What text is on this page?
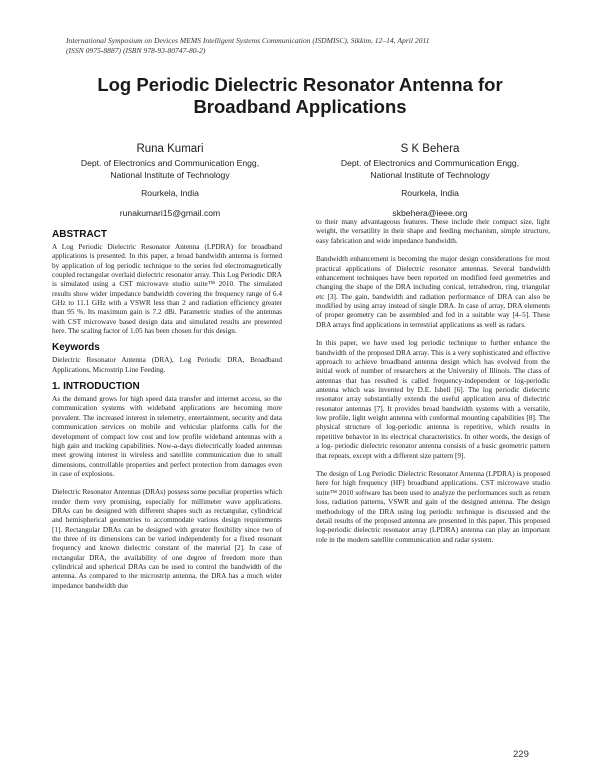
International Symposium on Devices MEMS Intelligent Systems Communication (ISDMISC), Sikkim, 12–14, April 2011
(ISSN 0975-8887) (ISBN 978-93-80747-80-2)
Log Periodic Dielectric Resonator Antenna for
Broadband Applications
Runa Kumari
Dept. of Electronics and Communication Engg,
National Institute of Technology
Rourkela, India
runakumari15@gmail.com
S K Behera
Dept. of Electronics and Communication Engg,
National Institute of Technology
Rourkela, India
skbehera@ieee.org
ABSTRACT

A Log Periodic Dielectric Resonator Antenna (LPDRA) for broadband applications is presented. In this paper, a broad bandwidth antenna is formed by application of log periodic technique to the series fed electromagnetically coupled rectangular overlaid dielectric resonator array. This Log Periodic DRA is simulated using a CST microwave studio suite™ 2010. The simulated results show wider impedance bandwidth covering the frequency range of 6.4 GHz to 11.1 GHz with a VSWR less than 2 and radiation efficiency greater than 95 %. Its maximum gain is 7.2 dBi. Parametric studies of the antennas with CST microwave based design data and simulated results are presented here. The scaling factor of 1.05 has been chosen for this design.

Keywords

Dielectric Resonator Antenna (DRA), Log Periodic DRA, Broadband Applications, Microstrip Line Feeding.

1. INTRODUCTION

As the demand grows for high speed data transfer and internet access, so the communication systems with wideband applications are becoming more prevalent. The increased interest in telemetry, entertainment, security and data communication services on mobile and vehicular platforms calls for the development of compact low cost and low profile wideband antennas with a high gain and tracking capabilities. Now-a-days dielectrically loaded antennas meet growing interest in wireless and satellite communication due to small dimensions, controllable properties and perfect protection from damages even in case of explosions.

Dielectric Resonator Antennas (DRAs) possess some peculiar properties which render them very promising, especially for millimeter wave applications. DRAs can be designed with different shapes such as rectangular, cylindrical and hemispherical geometries to accommodate various design requirements [1]. Rectangular DRAs can be designed with greater flexibility since two of the three of its dimensions can be varied independently for a fixed resonant frequency and known dielectric constant of the material [2]. In case of rectangular DRA, the availability of one degree of freedom more than cylindrical and spherical DRAs can be used to control the bandwidth of the antenna. As compared to the microstrip antenna, the DRA has a much wider impedance bandwidth due

to their many advantageous features. These include their compact size, light weight, the versatility in their shape and feeding mechanism, simple structure, easy fabrication and wide impedance bandwidth.

Bandwidth enhancement is becoming the major design considerations for most practical applications of Dielectric resonator antennas. Several bandwidth enhancement techniques have been reported on modified feed geometries and changing the shape of the DRA including conical, tetrahedron, ring, triangular etc [3]. The gain, bandwidth and radiation performance of DRA can also be modified by using array instead of single DRA. In case of array, DRA elements of proper geometry can be assembled and fed in a suitable way [4–5]. These DRA arrays find applications in terrestrial applications as well as radars.

In this paper, we have used log periodic technique to further enhance the bandwidth of the proposed DRA array. This is a very sophisticated and effective approach to achieve broadband antenna design which has evolved from the initial work of number of researchers at the University of Illinois. The class of antennas that has resulted is called frequency-independent or log-periodic antenna which was invented by D.E. Isbell [6]. The log periodic dielectric resonator array substantially extends the useful application area of dielectric resonator antennas [7]. It provides broad bandwidth systems with a versatile, low profile, light weight antenna with conformal mounting capabilities [8]. The physical structure of log-periodic antenna is repetitive, which results in repetitive behavior in its electrical characteristics. In other words, the design of a log- periodic dielectric resonator antenna consists of a basic geometric pattern that repeats, except with a different size pattern [9].

The design of Log Periodic Dielectric Resonator Antenna (LPDRA) is proposed here for high frequency (HF) broadband applications. CST microwave studio suite™ 2010 software has been used to analyze the performances such as return loss, radiation patterns, VSWR and gain of the designed antenna. The design methodology of the DRA using log periodic technique is discussed and the detail results of the proposed antenna are presented in this paper. This proposed log-periodic dielectric resonator array (LPDRA) antenna can play an important role in the modern satellite communication and radar system.

229
